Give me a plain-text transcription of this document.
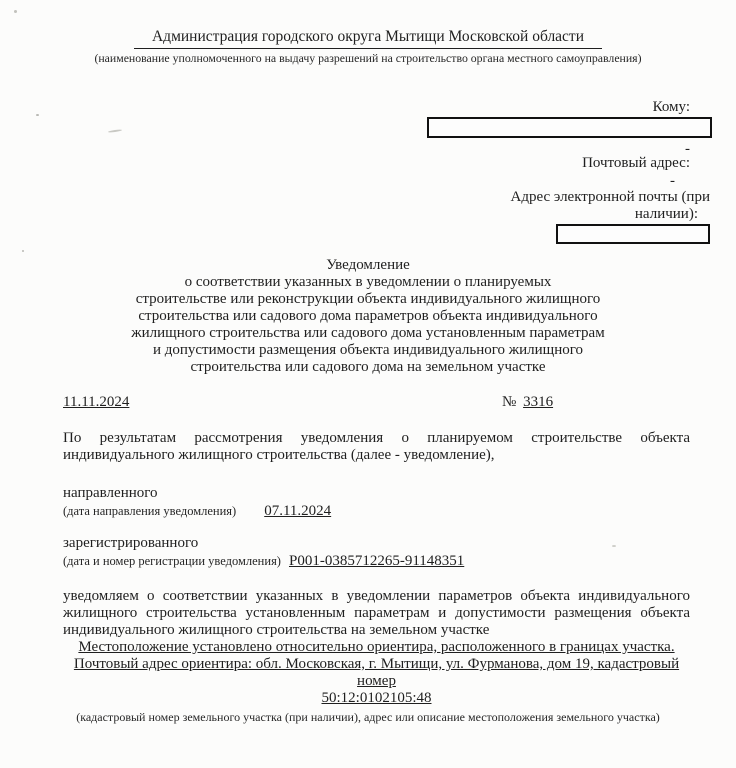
Администрация городского округа Мытищи Московской области
(наименование уполномоченного на выдачу разрешений на строительство органа местного самоуправления)
Кому:
-
Почтовый адрес:
-
Адрес электронной почты (при
наличии):
Уведомление
о соответствии указанных в уведомлении о планируемых
строительстве или реконструкции объекта индивидуального жилищного
строительства или садового дома параметров объекта индивидуального
жилищного строительства или садового дома установленным параметрам
и допустимости размещения объекта индивидуального жилищного
строительства или садового дома на земельном участке
11.11.2024	№ 3316
По результатам рассмотрения уведомления о планируемом строительстве объекта
индивидуального жилищного строительства (далее - уведомление),
направленного
(дата направления уведомления) 07.11.2024
зарегистрированного
(дата и номер регистрации уведомления) P001-0385712265-91148351
уведомляем о соответствии указанных в уведомлении параметров объекта индивидуального
жилищного строительства установленным параметрам и допустимости размещения объекта
индивидуального жилищного строительства на земельном участке
Местоположение установлено относительно ориентира, расположенного в границах участка.
Почтовый адрес ориентира: обл. Московская, г. Мытищи, ул. Фурманова, дом 19, кадастровый
номер
50:12:0102105:48
(кадастровый номер земельного участка (при наличии), адрес или описание местоположения земельного участка)
